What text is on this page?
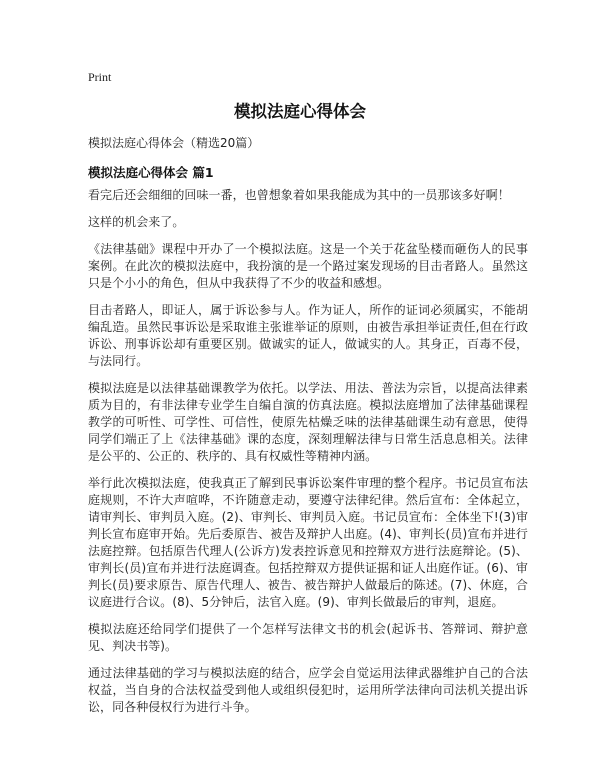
Print
模拟法庭心得体会
模拟法庭心得体会（精选20篇）
模拟法庭心得体会 篇1

看完后还会细细的回味一番，也曾想象着如果我能成为其中的一员那该多好啊！

这样的机会来了。

《法律基础》课程中开办了一个模拟法庭。这是一个关于花盆坠楼而砸伤人的民事案例。在此次的模拟法庭中，我扮演的是一个路过案发现场的目击者路人。虽然这只是个小小的角色，但从中我获得了不少的收益和感想。

目击者路人，即证人，属于诉讼参与人。作为证人，所作的证词必须属实，不能胡编乱造。虽然民事诉讼是采取谁主张谁举证的原则，由被告承担举证责任,但在行政诉讼、刑事诉讼却有重要区别。做诚实的证人，做诚实的人。其身正，百毒不侵，与法同行。

模拟法庭是以法律基础课教学为依托。以学法、用法、普法为宗旨，以提高法律素质为目的，有非法律专业学生自编自演的仿真法庭。模拟法庭增加了法律基础课程教学的可听性、可学性、可信性，使原先枯燥乏味的法律基础课生动有意思，使得同学们端正了上《法律基础》课的态度，深刻理解法律与日常生活息息相关。法律是公平的、公正的、秩序的、具有权威性等精神内涵。

举行此次模拟法庭，使我真正了解到民事诉讼案件审理的整个程序。书记员宣布法庭规则，不许大声喧哗，不许随意走动，要遵守法律纪律。然后宣布：全体起立，请审判长、审判员入庭。(2)、审判长、审判员入庭。书记员宣布：全体坐下!(3)审判长宣布庭审开始。先后委原告、被告及辩护人出庭。(4)、审判长(员)宣布并进行法庭控辩。包括原告代理人(公诉方)发表控诉意见和控辩双方进行法庭辩论。(5)、审判长(员)宣布并进行法庭调查。包括控辩双方提供证据和证人出庭作证。(6)、审判长(员)要求原告、原告代理人、被告、被告辩护人做最后的陈述。(7)、休庭，合议庭进行合议。(8)、5分钟后，法官入庭。(9)、审判长做最后的审判，退庭。

模拟法庭还给同学们提供了一个怎样写法律文书的机会(起诉书、答辩词、辩护意见、判决书等)。

通过法律基础的学习与模拟法庭的结合，应学会自觉运用法律武器维护自己的合法权益，当自身的合法权益受到他人或组织侵犯时，运用所学法律向司法机关提出诉讼，同各种侵权行为进行斗争。
